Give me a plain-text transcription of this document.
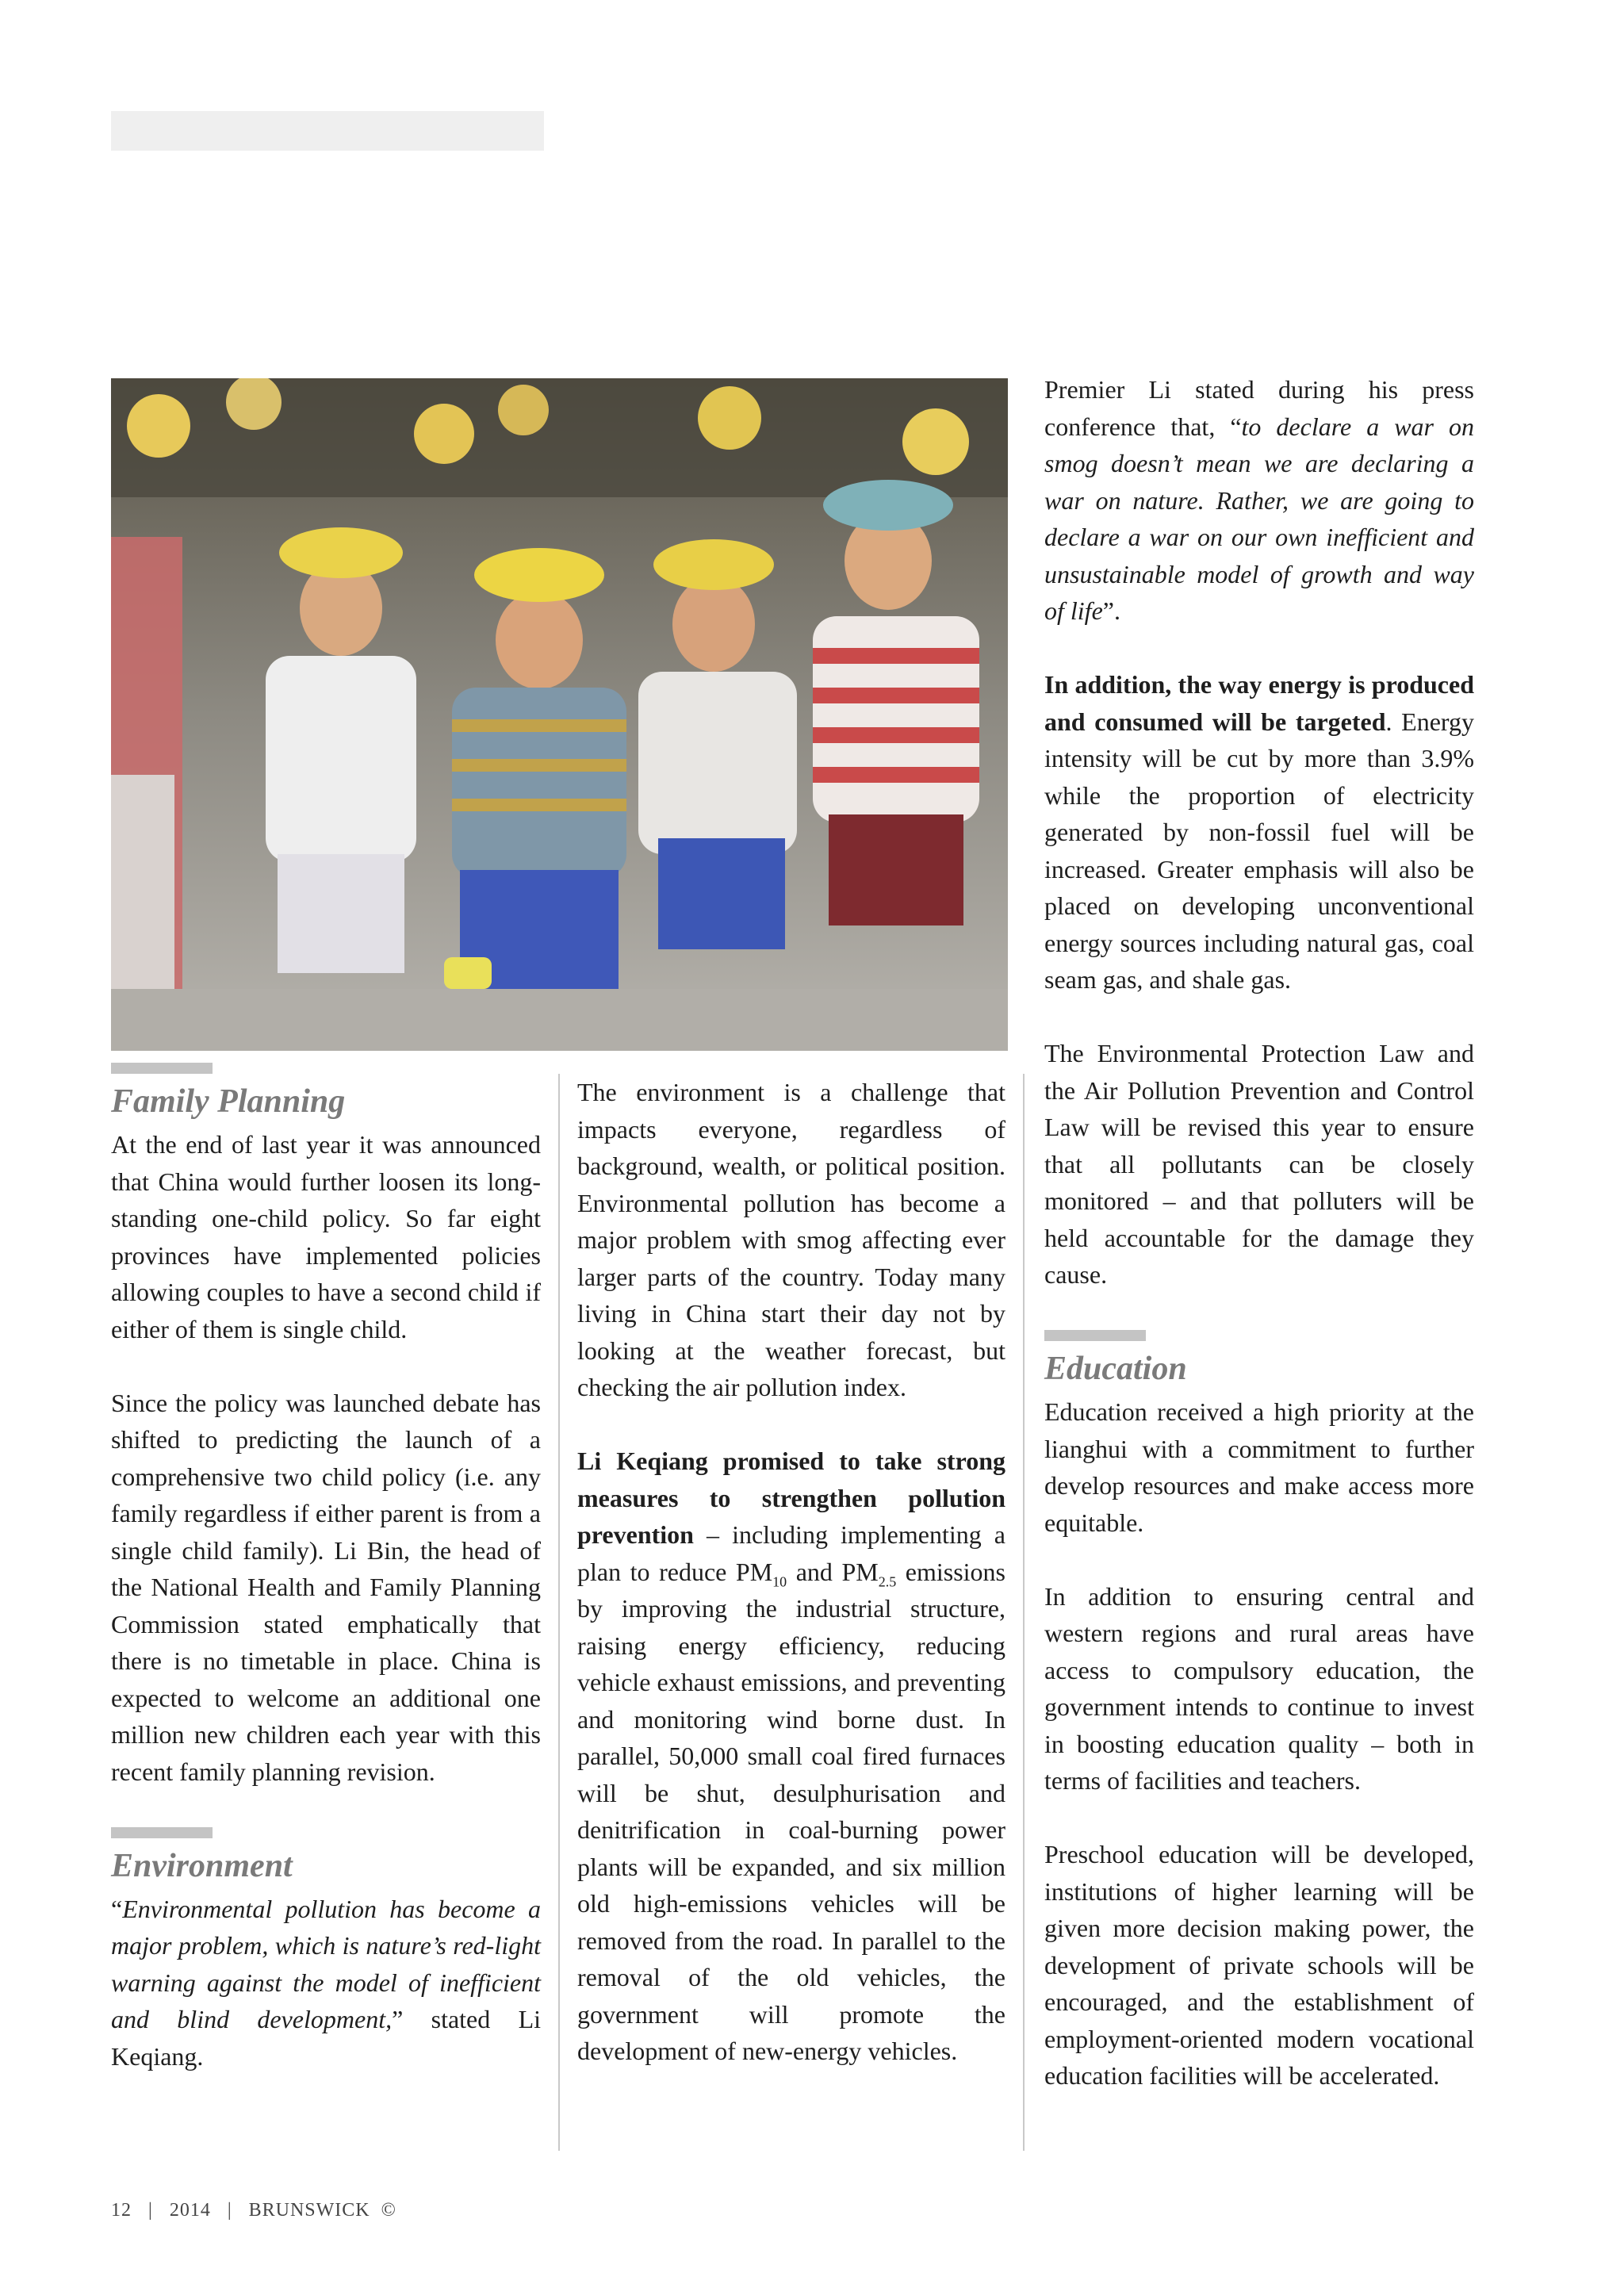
Family Planning

At the end of last year it was announced that China would further loosen its long-standing one-child policy. So far eight provinces have implemented policies allowing couples to have a second child if either of them is single child.

Since the policy was launched debate has shifted to predicting the launch of a comprehensive two child policy (i.e. any family regardless if either parent is from a single child family). Li Bin, the head of the National Health and Family Planning Commission stated emphatically that there is no timetable in place. China is expected to welcome an additional one million new children each year with this recent family planning revision.

Environment

“Environmental pollution has become a major problem, which is nature’s red-light warning against the model of inefficient and blind development,” stated Li Keqiang.

The environment is a challenge that impacts everyone, regardless of background, wealth, or political position. Environmental pollution has become a major problem with smog affecting ever larger parts of the country. Today many living in China start their day not by looking at the weather forecast, but checking the air pollution index.

Li Keqiang promised to take strong measures to strengthen pollution prevention – including implementing a plan to reduce $PM_{10}$ and $PM_{2.5}$ emissions by improving the industrial structure, raising energy efficiency, reducing vehicle exhaust emissions, and preventing and monitoring wind borne dust. In parallel, 50,000 small coal fired furnaces will be shut, desulphurisation and denitrification in coal-burning power plants will be expanded, and six million old high-emissions vehicles will be removed from the road. In parallel to the removal of the old vehicles, the government will promote the development of new-energy vehicles.

Premier Li stated during his press conference that, “to declare a war on smog doesn’t mean we are declaring a war on nature. Rather, we are going to declare a war on our own inefficient and unsustainable model of growth and way of life”.

In addition, the way energy is produced and consumed will be targeted. Energy intensity will be cut by more than 3.9% while the proportion of electricity generated by non-fossil fuel will be increased. Greater emphasis will also be placed on developing unconventional energy sources including natural gas, coal seam gas, and shale gas.

The Environmental Protection Law and the Air Pollution Prevention and Control Law will be revised this year to ensure that all pollutants can be closely monitored – and that polluters will be held accountable for the damage they cause.

Education

Education received a high priority at the lianghui with a commitment to further develop resources and make access more equitable.

In addition to ensuring central and western regions and rural areas have access to compulsory education, the government intends to continue to invest in boosting education quality – both in terms of facilities and teachers.

Preschool education will be developed, institutions of higher learning will be given more decision making power, the development of private schools will be encouraged, and the establishment of employment-oriented modern vocational education facilities will be accelerated.

12 | 2014 | BRUNSWICK ©
